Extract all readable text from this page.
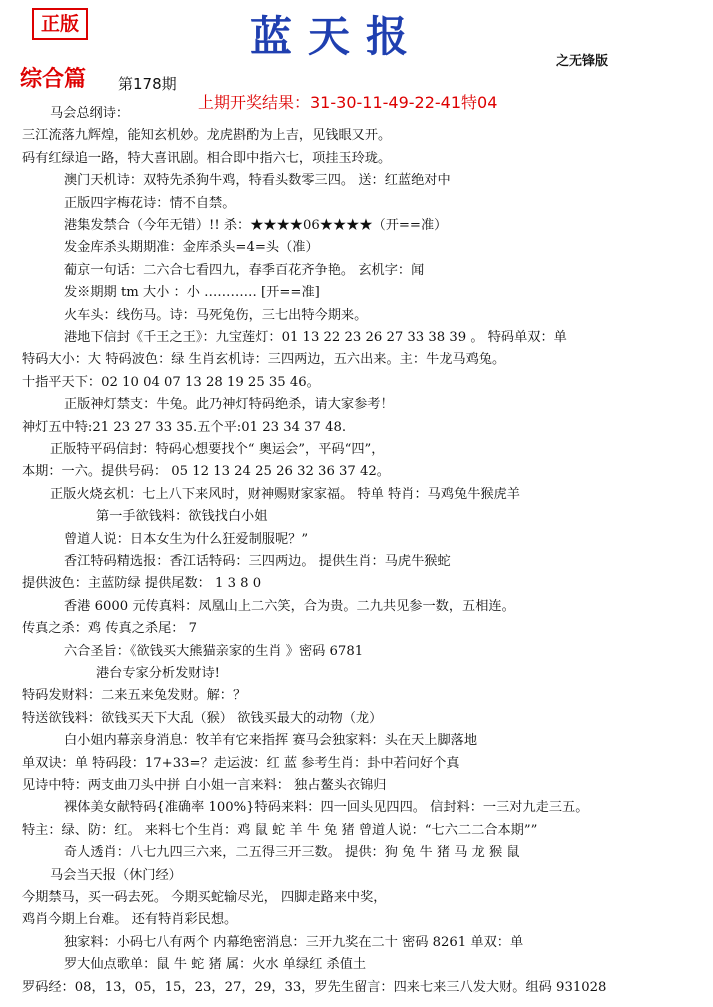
正版	蓝天报
之无锋版
综合篇 第178期
上期开奖结果：31-30-11-49-22-41特04
马会总纲诗：
三江流落九辉煌，能知玄机妙。龙虎斟酌为上吉，见钱眼又开。
码有红绿追一路，特大喜讯剧。相合即中指六七，项挂玉玲珑。
澳门天机诗：双特先杀狗牛鸡，特看头数零三四。 送：红蓝绝对中
正版四字梅花诗：情不自禁。
港集发禁合（今年无错）!! 杀：★★★★06★★★★（开==准）
发金库杀头期期准：金库杀头=4=头（准）
葡京一句话：二六合七看四九，春季百花齐争艳。 玄机字：闻
发※期期 tm 大小 ：小 ………… [开==准]
火车头：线伤马。诗：马死兔伤，三七出特今期来。
港地下信封《千王之王》：九宝莲灯：01 13 22 23 26 27 33 38 39 。 特码单双：单
特码大小：大 特码波色：绿 生肖玄机诗：三四两边，五六出来。主：牛龙马鸡兔。
十指平天下：02 10 04 07 13 28 19 25 35 46。
正版神灯禁支：牛兔。此乃神灯特码绝杀，请大家参考！
神灯五中特:21 23 27 33 35.五个平:01 23 34 37 48.
正版特平码信封：特码心想要找个“ 奥运会”，平码“四”，
本期：一六。提供号码： 05 12 13 24 25 26 32 36 37 42。
正版火烧玄机：七上八下来风时，财神赐财家家福。 特单 特肖：马鸡兔牛猴虎羊
第一手欲钱料：欲钱找白小姐
曾道人说：日本女生为什么狂爱制服呢？”
香江特码精选报：香江话特码：三四两边。 提供生肖：马虎牛猴蛇
提供波色：主蓝防绿 提供尾数： 1 3 8 0
香港 6000 元传真料：凤凰山上二六笑，合为贵。二九共见参一数，五相连。
传真之杀：鸡 传真之杀尾： 7
六合圣旨：《欲钱买大熊猫亲家的生肖 》密码 6781
港台专家分析发财诗!
特码发财料：二来五来兔发财。解：？
特送欲钱料：欲钱买天下大乱（猴） 欲钱买最大的动物（龙）
白小姐内幕亲身消息：牧羊有它来指挥 赛马会独家料：头在天上脚落地
单双诀：单 特码段：17+33=？走运波：红 蓝 参考生肖：卦中若问好个真
见诗中特：两支曲刀头中拼 白小姐一言来料： 独占鳌头衣锦归
裸体美女献特码{准确率 100%}特码来料：四一回头见四四。 信封料：一三对九走三五。
特主：绿、防：红。 来料七个生肖：鸡 鼠 蛇 羊 牛 兔 猪 曾道人说：“七六二二合本期””
奇人透肖：八七九四三六来，二五得三开三数。 提供：狗 兔 牛 猪 马 龙 猴 鼠
马会当天报（休门经）
今期禁马，买一码去死。 今期买蛇输尽光， 四脚走路来中奖，
鸡肖今期上台难。 还有特肖彩民想。
独家料：小码七八有两个 内幕绝密消息：三开九奖在二十 密码 8261 单双：单
罗大仙点歌单：鼠 牛 蛇 猪 属：火水 单绿红 杀值土
罗码经：08，13，05，15，23，27，29，33，罗先生留言：四来七来三八发大财。组码 931028
